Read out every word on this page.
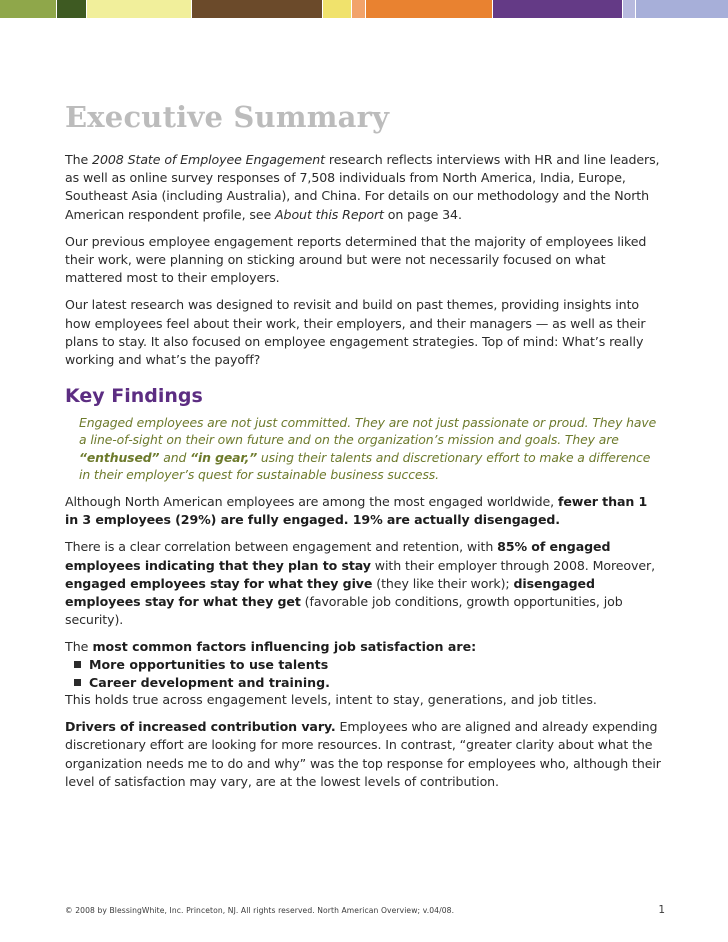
Executive Summary

The 2008 State of Employee Engagement research reflects interviews with HR and line leaders, as well as online survey responses of 7,508 individuals from North America, India, Europe, Southeast Asia (including Australia), and China. For details on our methodology and the North American respondent profile, see About this Report on page 34.

Our previous employee engagement reports determined that the majority of employees liked their work, were planning on sticking around but were not necessarily focused on what mattered most to their employers.

Our latest research was designed to revisit and build on past themes, providing insights into how employees feel about their work, their employers, and their managers — as well as their plans to stay. It also focused on employee engagement strategies. Top of mind: What’s really working and what’s the payoff?

Key Findings
Engaged employees are not just committed. They are not just passionate or proud. They have a line-of-sight on their own future and on the organization’s mission and goals. They are “enthused” and “in gear,” using their talents and discretionary effort to make a difference in their employer’s quest for sustainable business success.

Although North American employees are among the most engaged worldwide, fewer than 1 in 3 employees (29%) are fully engaged. 19% are actually disengaged.

There is a clear correlation between engagement and retention, with 85% of engaged employees indicating that they plan to stay with their employer through 2008. Moreover, engaged employees stay for what they give (they like their work); disengaged employees stay for what they get (favorable job conditions, growth opportunities, job security).

The most common factors influencing job satisfaction are:
More opportunities to use talents
Career development and training.
This holds true across engagement levels, intent to stay, generations, and job titles.

Drivers of increased contribution vary. Employees who are aligned and already expending discretionary effort are looking for more resources. In contrast, “greater clarity about what the organization needs me to do and why” was the top response for employees who, although their level of satisfaction may vary, are at the lowest levels of contribution.

© 2008 by BlessingWhite, Inc. Princeton, NJ. All rights reserved. North American Overview; v.04/08.	1
